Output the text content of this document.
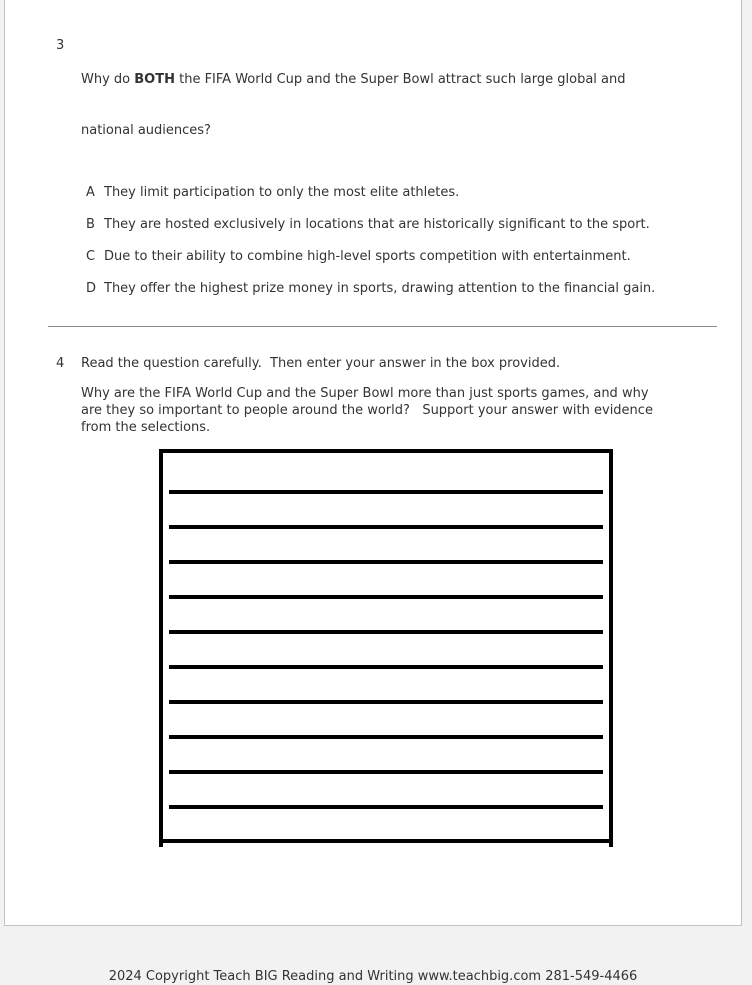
3

Why do BOTH the FIFA World Cup and the Super Bowl attract such large global and

national audiences?

A They limit participation to only the most elite athletes.
B They are hosted exclusively in locations that are historically significant to the sport.
C Due to their ability to combine high-level sports competition with entertainment.
D They offer the highest prize money in sports, drawing attention to the financial gain.
4	Read the question carefully.  Then enter your answer in the box provided.
Why are the FIFA World Cup and the Super Bowl more than just sports games, and why
are they so important to people around the world?   Support your answer with evidence
from the selections.
2024 Copyright Teach BIG Reading and Writing www.teachbig.com 281-549-4466
